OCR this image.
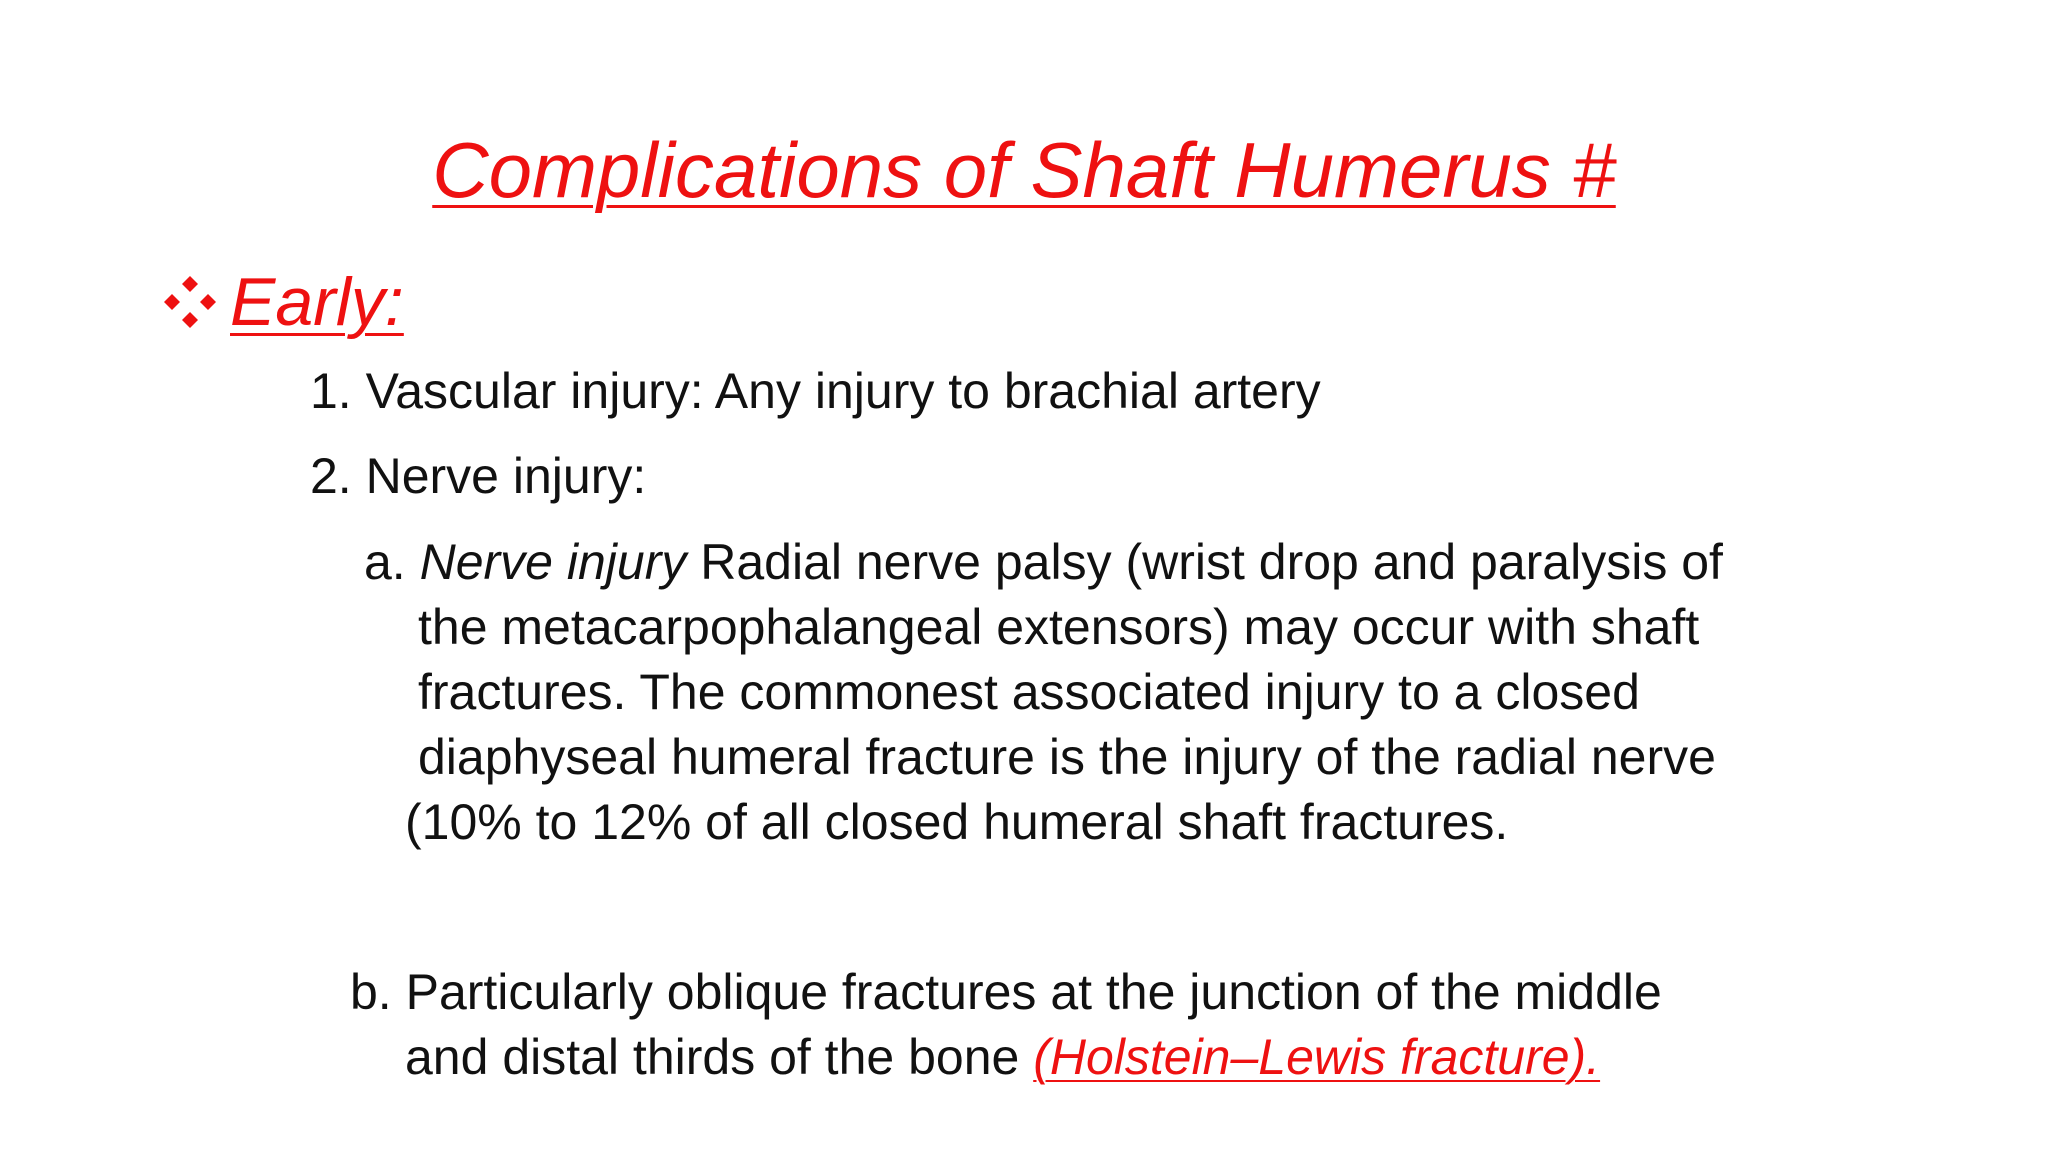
Complications of Shaft Humerus #
Early:
1. Vascular injury: Any injury to brachial artery
2. Nerve injury:
a. Nerve injury Radial nerve palsy (wrist drop and paralysis of
the metacarpophalangeal extensors) may occur with shaft
fractures. The commonest associated injury to a closed
diaphyseal humeral fracture is the injury of the radial nerve
(10% to 12% of all closed humeral shaft fractures.
b. Particularly oblique fractures at the junction of the middle
and distal thirds of the bone (Holstein–Lewis fracture).
